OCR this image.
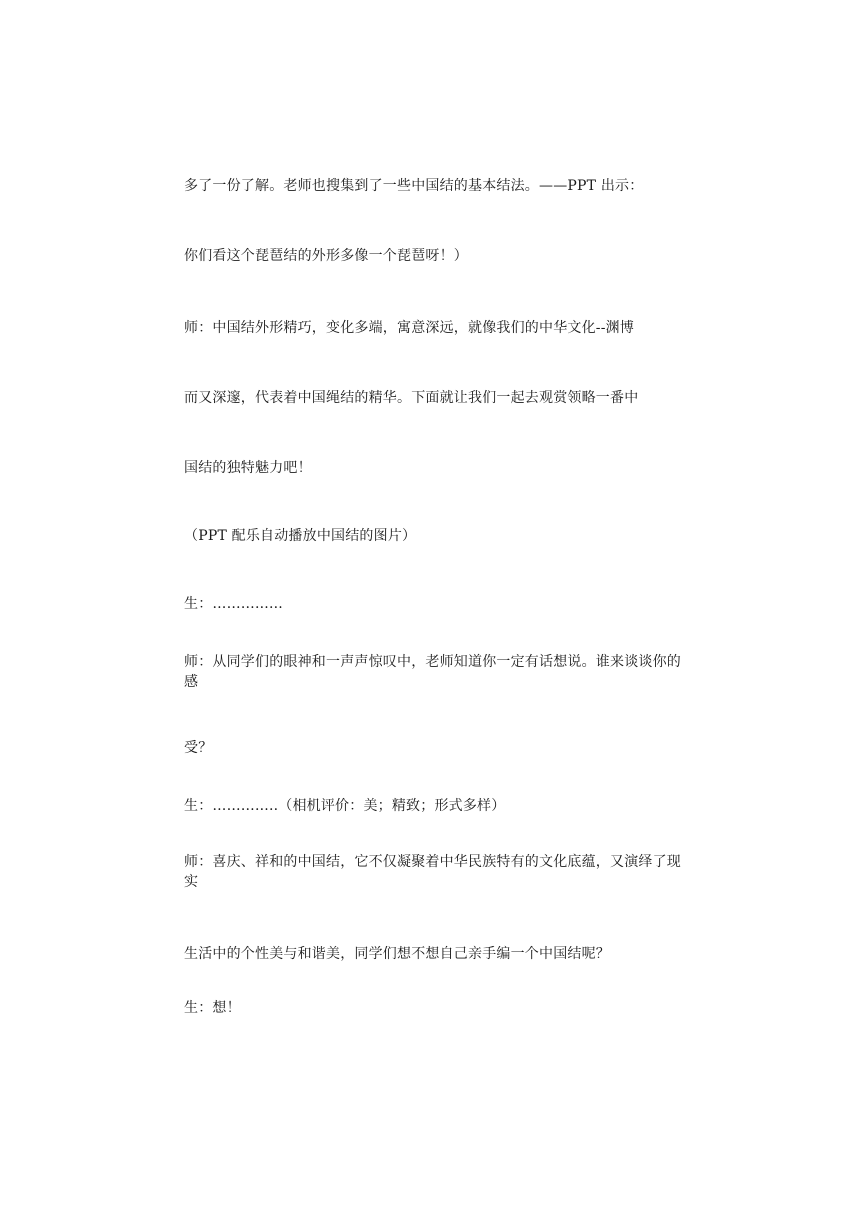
多了一份了解。老师也搜集到了一些中国结的基本结法。——PPT 出示：

你们看这个琵琶结的外形多像一个琵琶呀！）

师：中国结外形精巧，变化多端，寓意深远，就像我们的中华文化--渊博

而又深邃，代表着中国绳结的精华。下面就让我们一起去观赏领略一番中

国结的独特魅力吧！

（PPT 配乐自动播放中国结的图片）

生：………......

师：从同学们的眼神和一声声惊叹中，老师知道你一定有话想说。谁来谈谈你的感

受？

生：……….....（相机评价：美；精致；形式多样）

师：喜庆、祥和的中国结，它不仅凝聚着中华民族特有的文化底蕴，又演绎了现实

生活中的个性美与和谐美，同学们想不想自己亲手编一个中国结呢？

生：想！
